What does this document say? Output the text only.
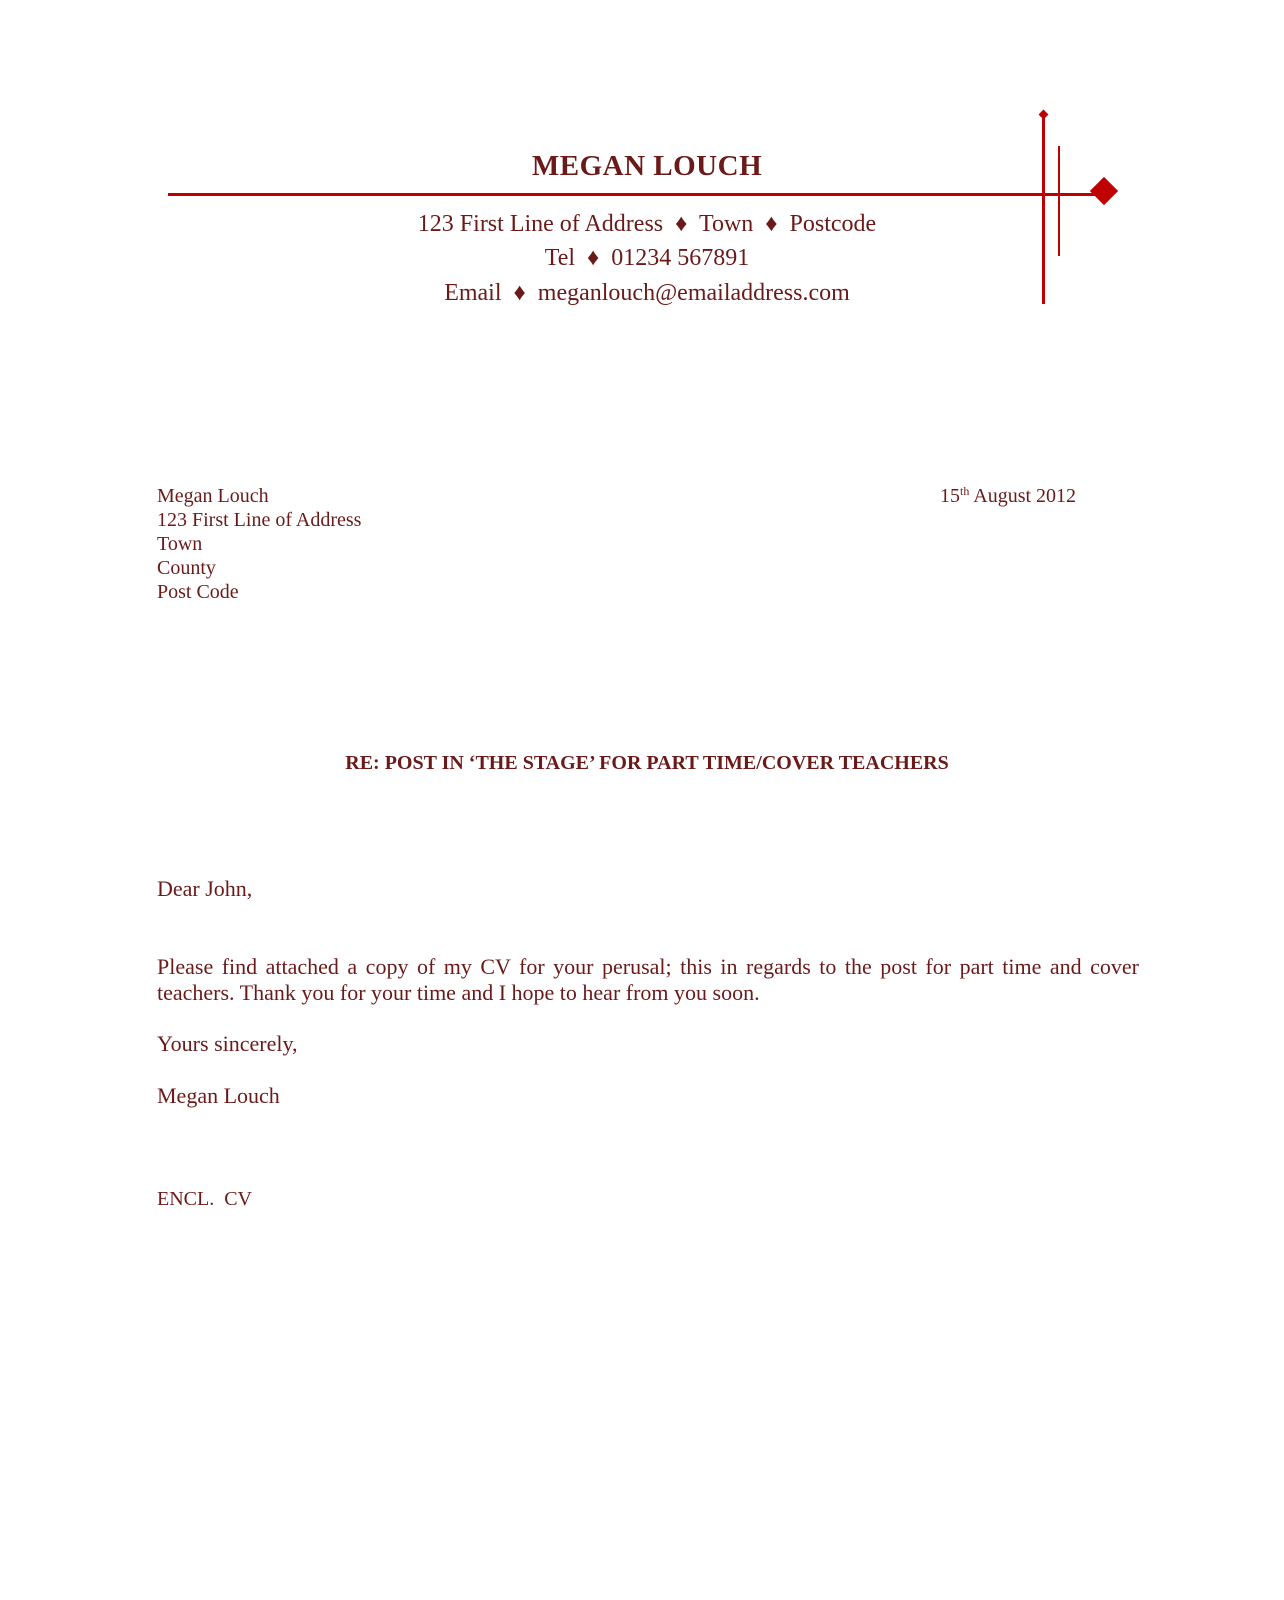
MEGAN LOUCH
123 First Line of Address ♦ Town ♦ Postcode
Tel ♦ 01234 567891
Email ♦ meganlouch@emailaddress.com
Megan Louch
123 First Line of Address
Town
County
Post Code
15th August 2012
RE: POST IN ‘THE STAGE’ FOR PART TIME/COVER TEACHERS
Dear John,
Please find attached a copy of my CV for your perusal; this in regards to the post for part time and cover teachers. Thank you for your time and I hope to hear from you soon.
Yours sincerely,
Megan Louch
ENCL.  CV
